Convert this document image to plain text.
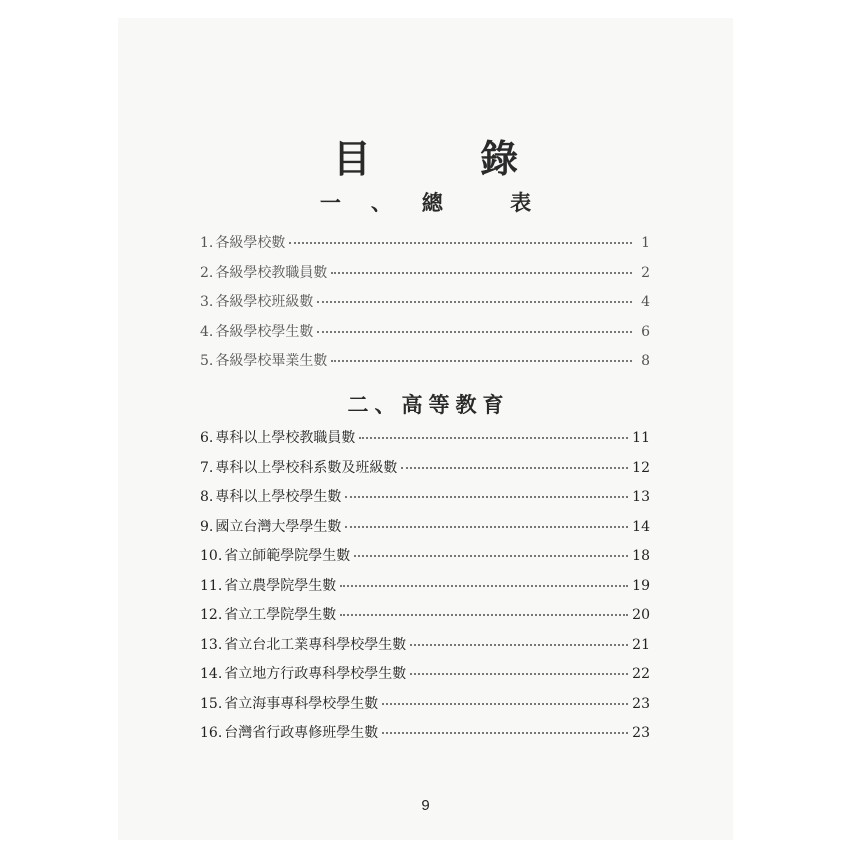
目 錄
一、總 表
1. 各級學校數	1
2. 各級學校教職員數	2
3. 各級學校班級數	4
4. 各級學校學生數	6
5. 各級學校畢業生數	8
二、高等教育
6. 專科以上學校教職員數	11
7. 專科以上學校科系數及班級數	12
8. 專科以上學校學生數	13
9. 國立台灣大學學生數	14
10. 省立師範學院學生數	18
11. 省立農學院學生數	19
12. 省立工學院學生數	20
13. 省立台北工業專科學校學生數	21
14. 省立地方行政專科學校學生數	22
15. 省立海事專科學校學生數	23
16. 台灣省行政專修班學生數	23
9
